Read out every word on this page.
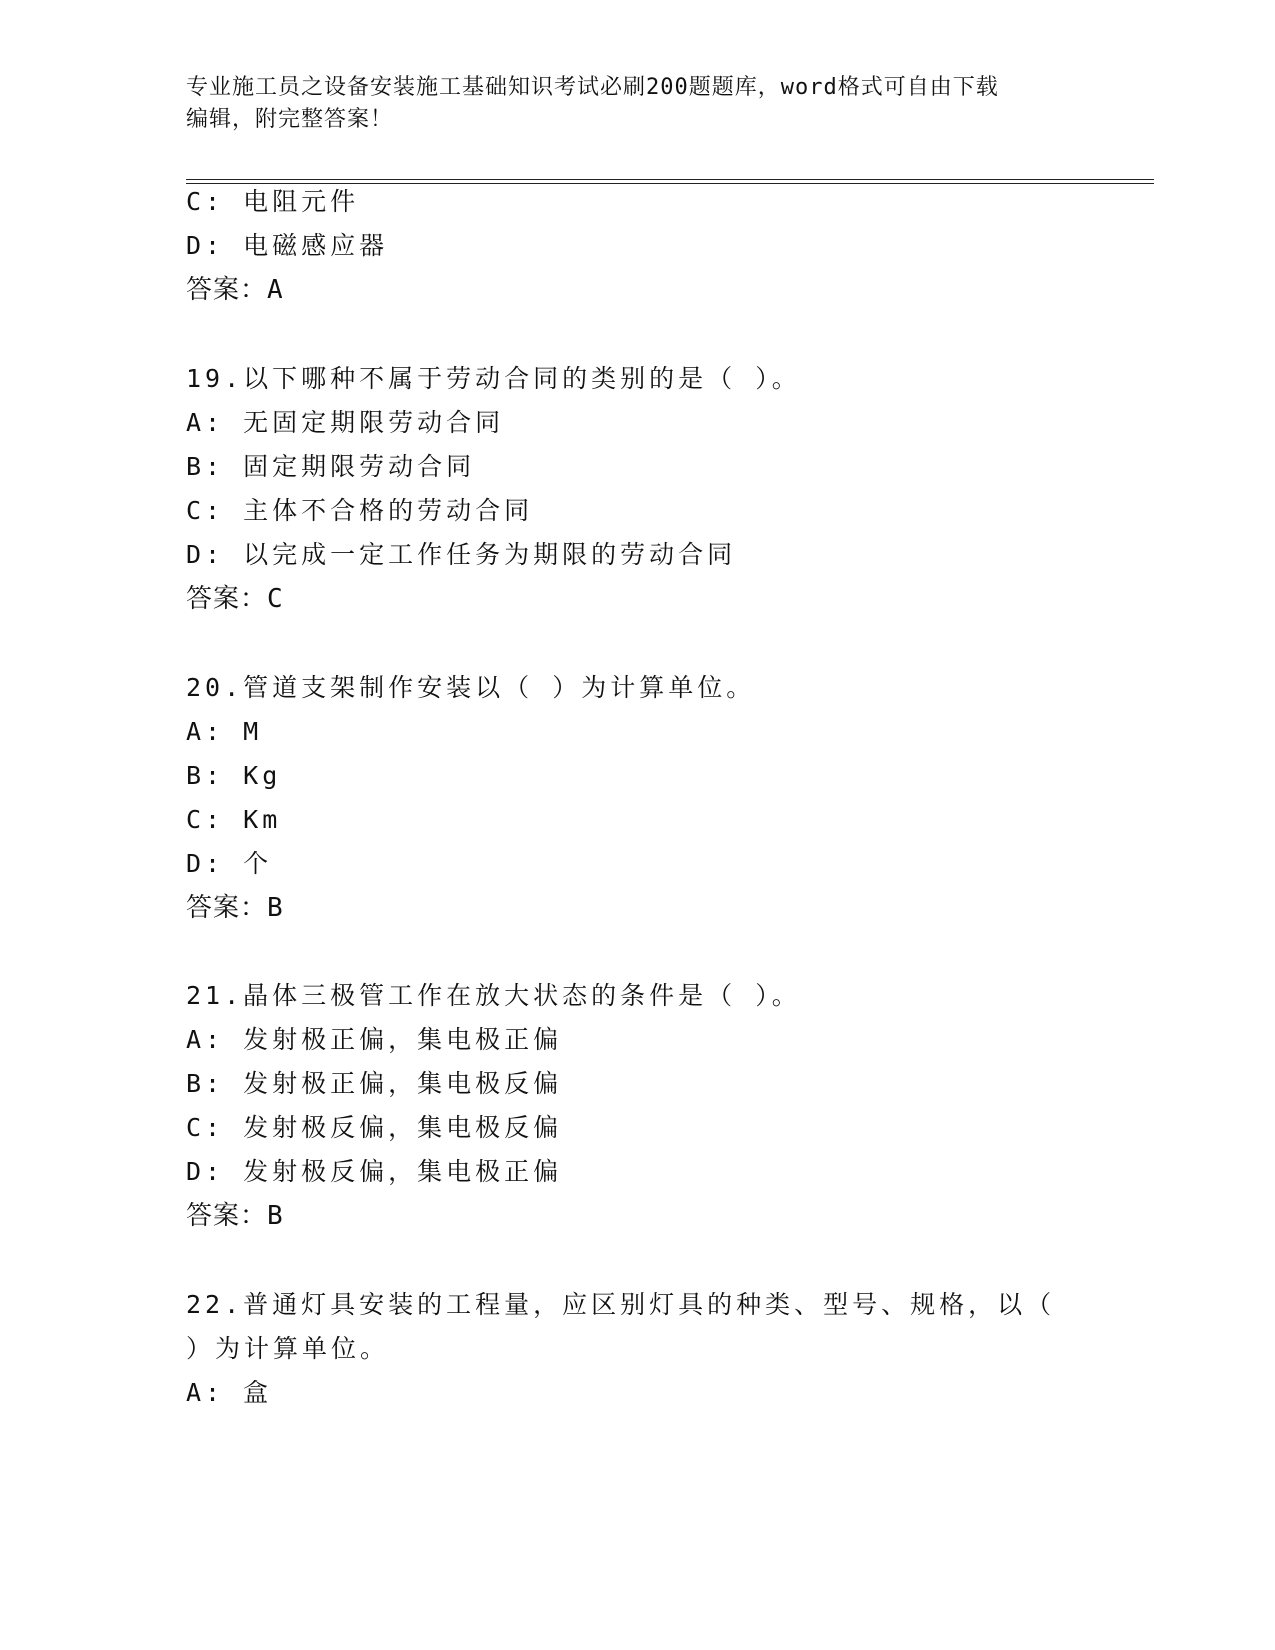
专业施工员之设备安装施工基础知识考试必刷200题题库，word格式可自由下载
编辑，附完整答案！
C: 电阻元件
D: 电磁感应器
答案：A
19.以下哪种不属于劳动合同的类别的是（ ）。
A: 无固定期限劳动合同
B: 固定期限劳动合同
C: 主体不合格的劳动合同
D: 以完成一定工作任务为期限的劳动合同
答案：C
20.管道支架制作安装以（ ）为计算单位。
A: M
B: Kg
C: Km
D: 个
答案：B
21.晶体三极管工作在放大状态的条件是（ ）。
A: 发射极正偏，集电极正偏
B: 发射极正偏，集电极反偏
C: 发射极反偏，集电极反偏
D: 发射极反偏，集电极正偏
答案：B
22.普通灯具安装的工程量，应区别灯具的种类、型号、规格，以（
）为计算单位。
A: 盒
